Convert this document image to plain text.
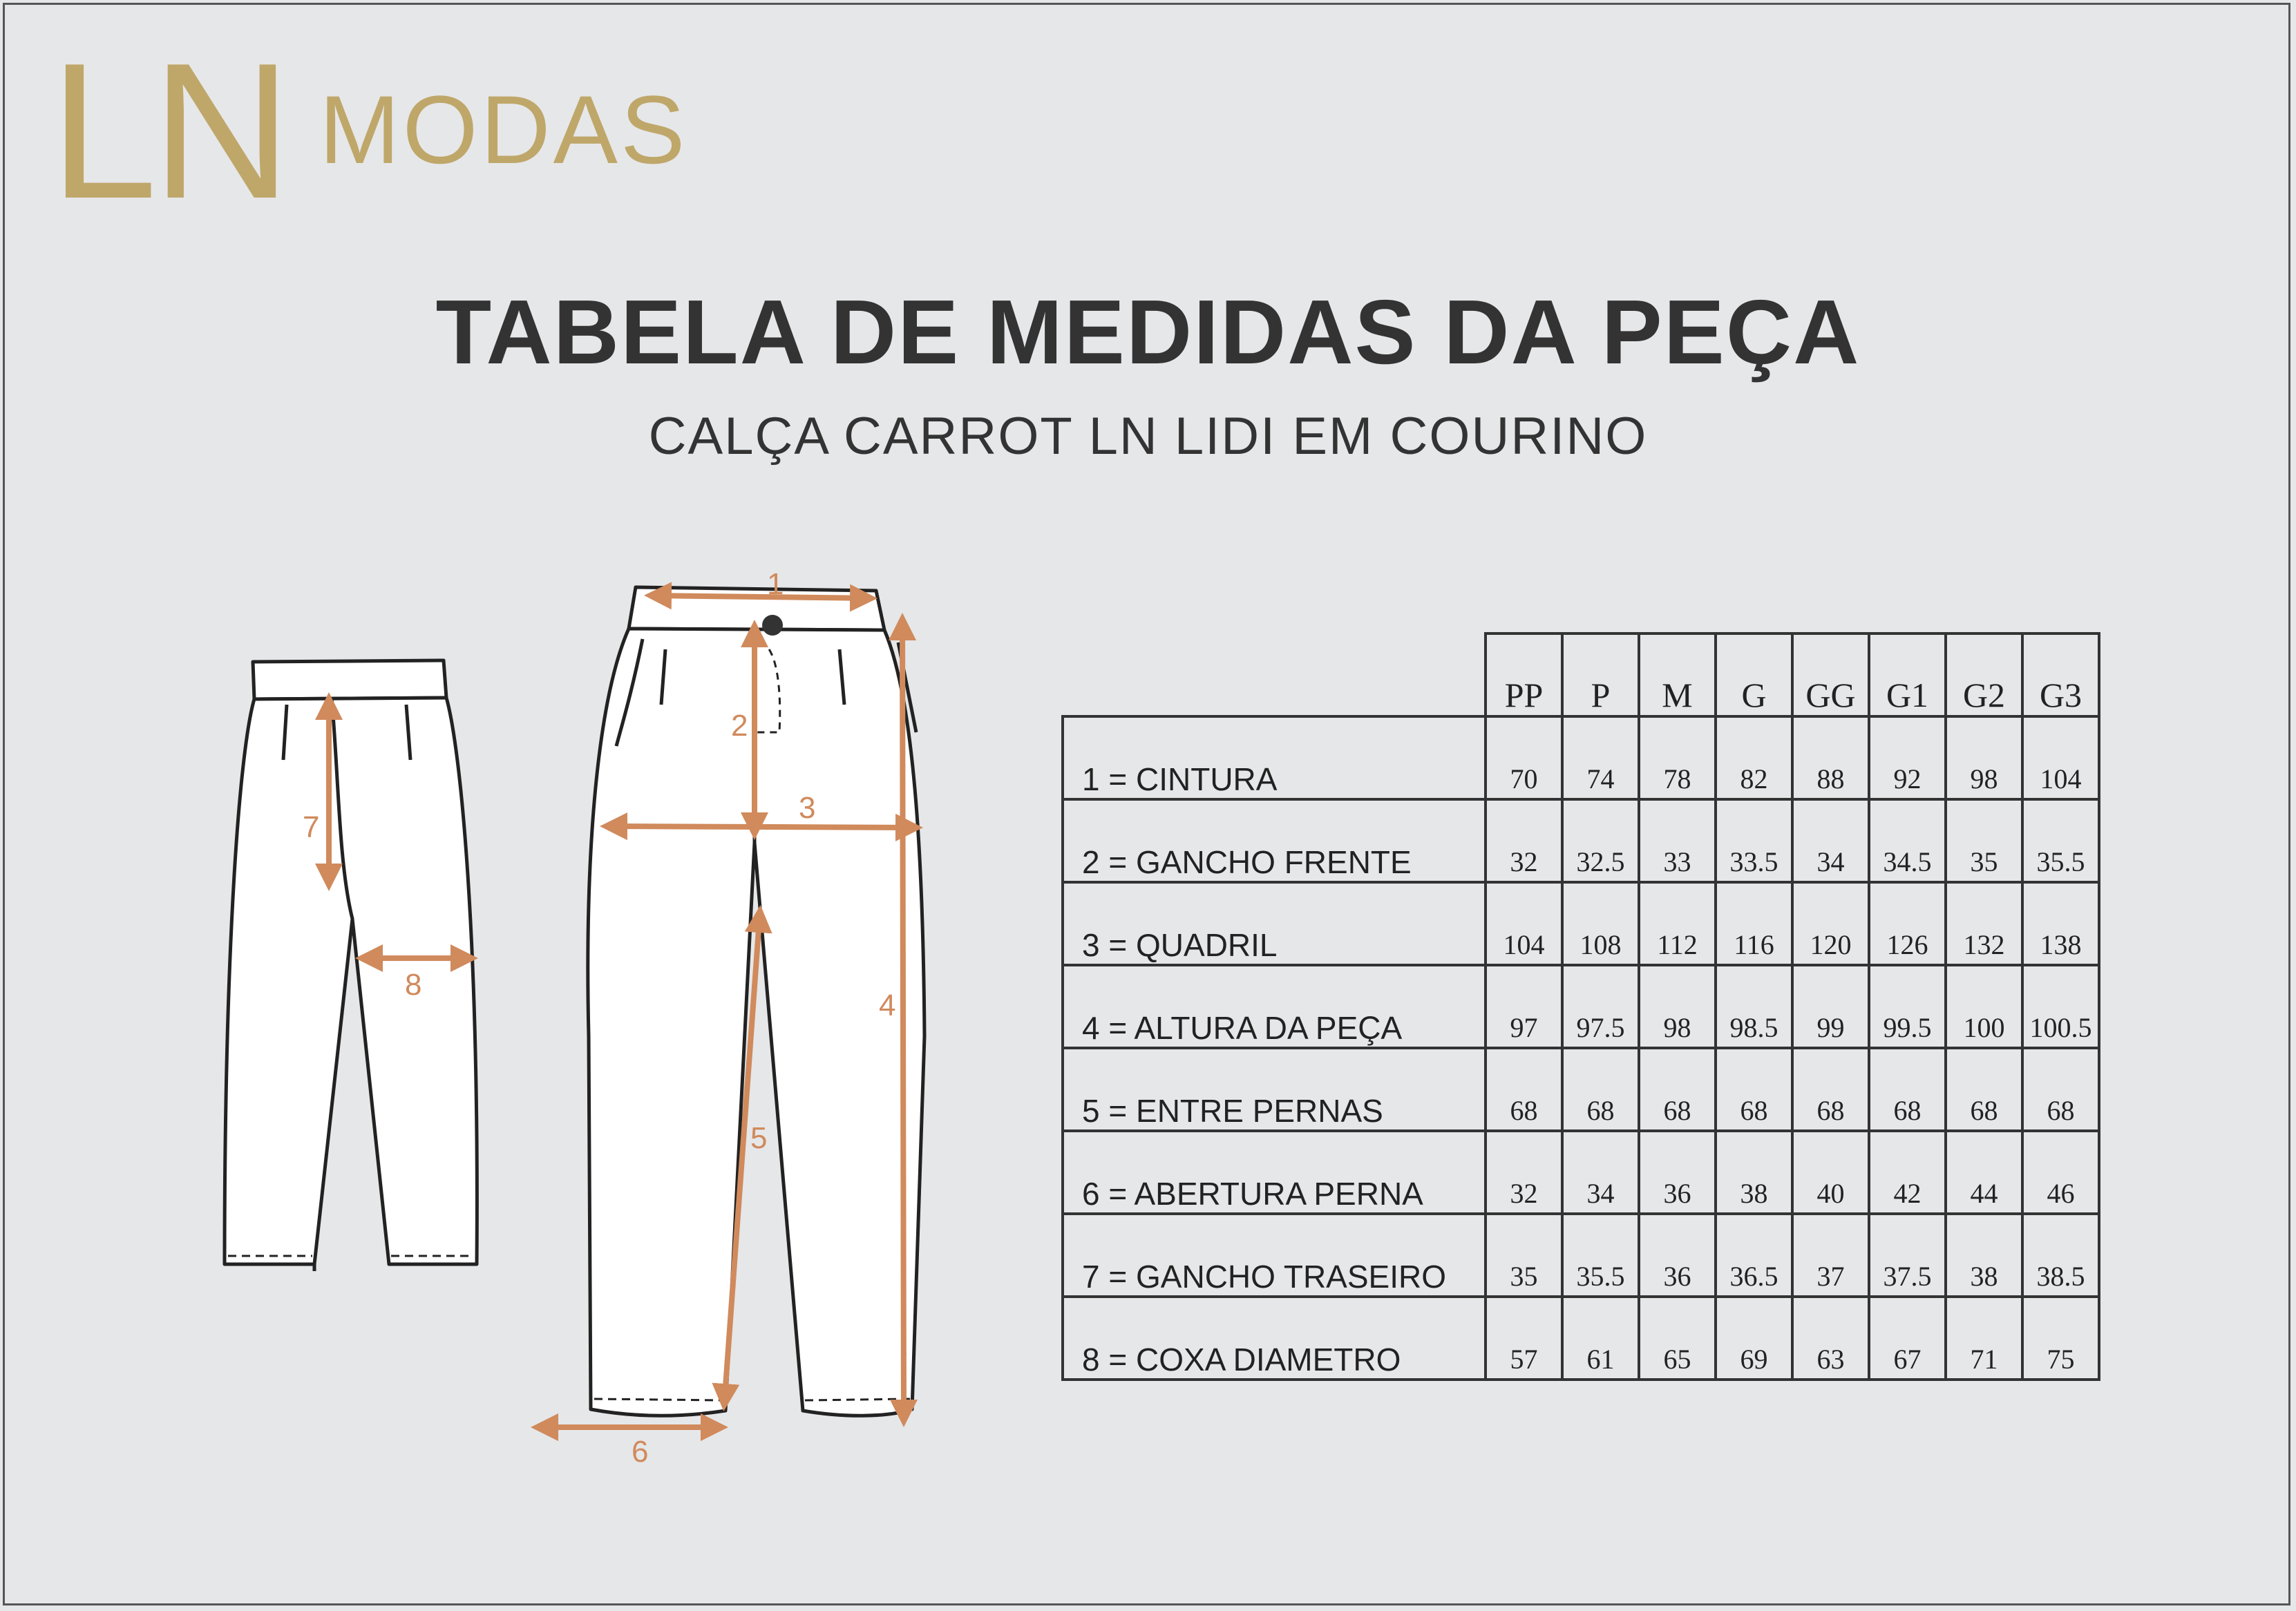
LN MODAS
TABELA DE MEDIDAS DA PEÇA
CALÇA CARROT LN LIDI EM COURINO
1
2
3
4
5
6
7
8
	PP	P	M	G	GG	G1	G2	G3
1 = CINTURA	70	74	78	82	88	92	98	104
2 = GANCHO FRENTE	32	32.5	33	33.5	34	34.5	35	35.5
3 = QUADRIL	104	108	112	116	120	126	132	138
4 = ALTURA DA PEÇA	97	97.5	98	98.5	99	99.5	100	100.5
5 = ENTRE PERNAS	68	68	68	68	68	68	68	68
6 = ABERTURA PERNA	32	34	36	38	40	42	44	46
7 = GANCHO TRASEIRO	35	35.5	36	36.5	37	37.5	38	38.5
8 = COXA DIAMETRO	57	61	65	69	63	67	71	75
